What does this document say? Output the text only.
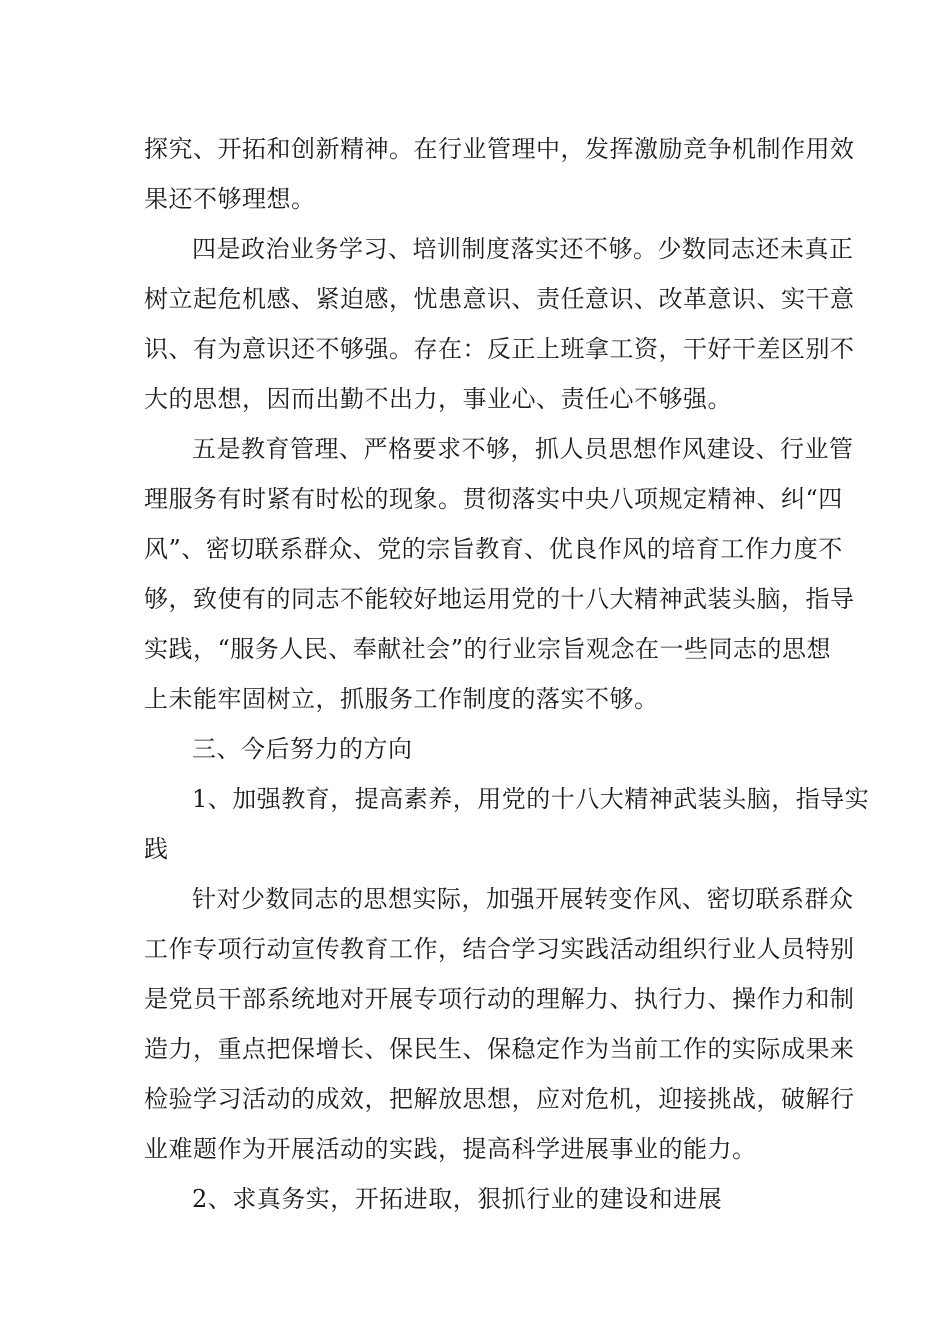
探究、开拓和创新精神。在行业管理中，发挥激励竞争机制作用效
果还不够理想。
四是政治业务学习、培训制度落实还不够。少数同志还未真正
树立起危机感、紧迫感，忧患意识、责任意识、改革意识、实干意
识、有为意识还不够强。存在：反正上班拿工资，干好干差区别不
大的思想，因而出勤不出力，事业心、责任心不够强。
五是教育管理、严格要求不够，抓人员思想作风建设、行业管
理服务有时紧有时松的现象。贯彻落实中央八项规定精神、纠“四
风”、密切联系群众、党的宗旨教育、优良作风的培育工作力度不
够，致使有的同志不能较好地运用党的十八大精神武装头脑，指导
实践，“服务人民、奉献社会”的行业宗旨观念在一些同志的思想
上未能牢固树立，抓服务工作制度的落实不够。
三、今后努力的方向
1、加强教育，提高素养，用党的十八大精神武装头脑，指导实
践
针对少数同志的思想实际，加强开展转变作风、密切联系群众
工作专项行动宣传教育工作，结合学习实践活动组织行业人员特别
是党员干部系统地对开展专项行动的理解力、执行力、操作力和制
造力，重点把保增长、保民生、保稳定作为当前工作的实际成果来
检验学习活动的成效，把解放思想，应对危机，迎接挑战，破解行
业难题作为开展活动的实践，提高科学进展事业的能力。
2、求真务实，开拓进取，狠抓行业的建设和进展
